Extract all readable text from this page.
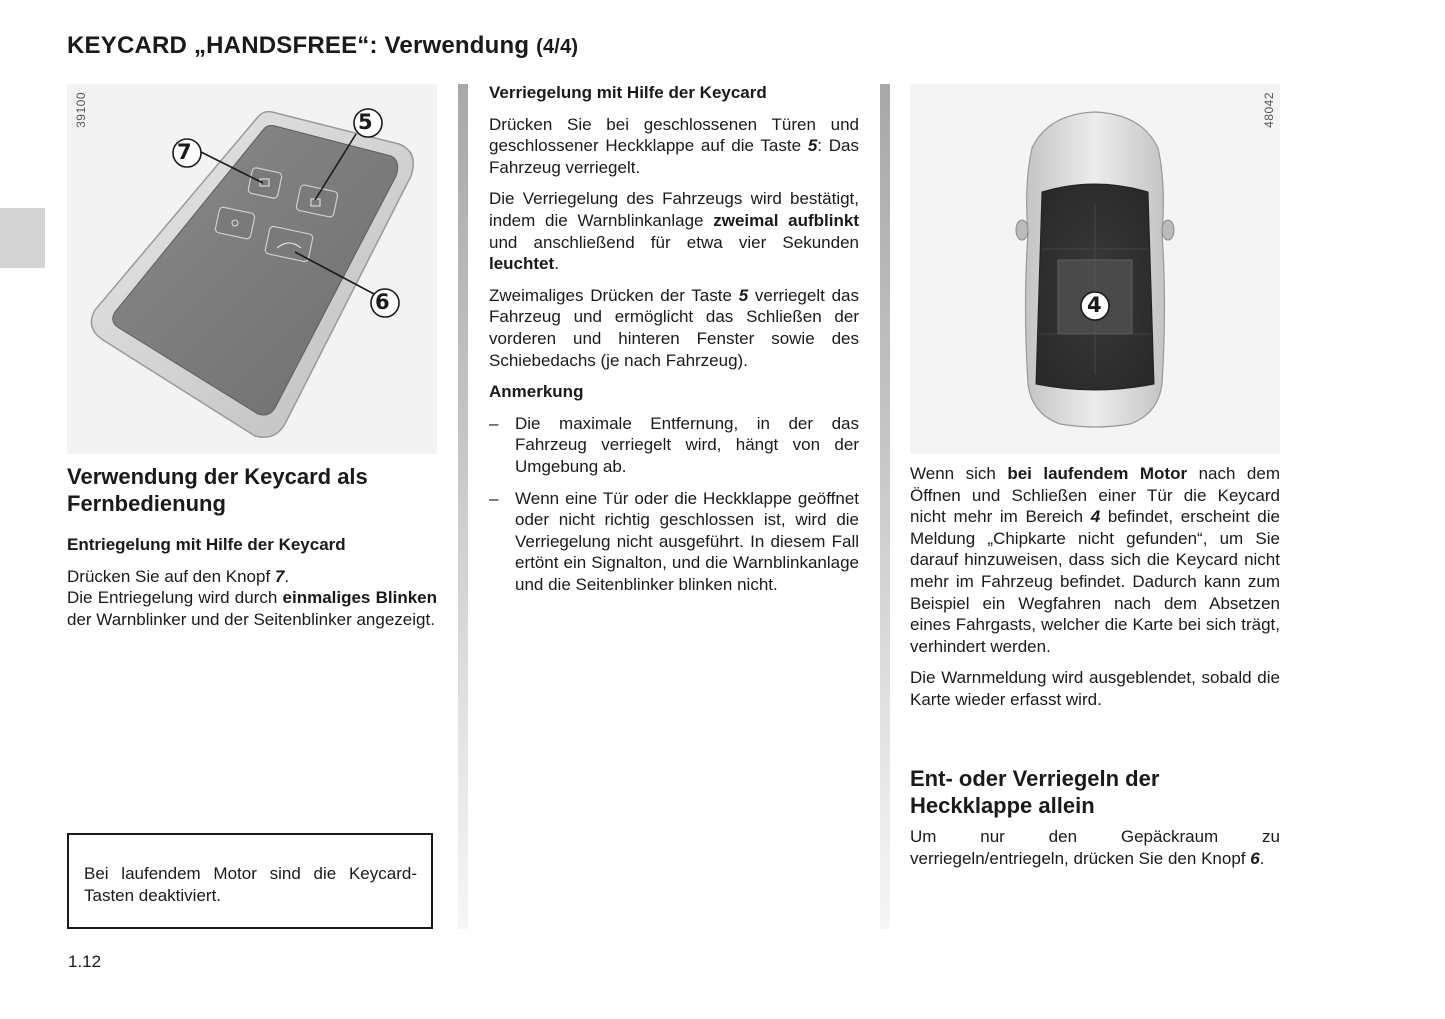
KEYCARD „HANDSFREE“: Verwendung (4/4)
39100
7
5
6
Verwendung der Keycard als
Fernbedienung
Entriegelung mit Hilfe der Keycard

Drücken Sie auf den Knopf 7.

Die Entriegelung wird durch einmaliges Blinken der Warnblinker und der Seitenblinker angezeigt.

Bei laufendem Motor sind die Keycard-Tasten deaktiviert.

1.12
Verriegelung mit Hilfe der Keycard

Drücken Sie bei geschlossenen Türen und geschlossener Heckklappe auf die Taste 5: Das Fahrzeug verriegelt.

Die Verriegelung des Fahrzeugs wird bestätigt, indem die Warnblinkanlage zweimal aufblinkt und anschließend für etwa vier Sekunden leuchtet.

Zweimaliges Drücken der Taste 5 verriegelt das Fahrzeug und ermöglicht das Schließen der vorderen und hinteren Fenster sowie des Schiebedachs (je nach Fahrzeug).

Anmerkung
– Die maximale Entfernung, in der das Fahrzeug verriegelt wird, hängt von der Umgebung ab.
– Wenn eine Tür oder die Heckklappe geöffnet oder nicht richtig geschlossen ist, wird die Verriegelung nicht ausgeführt. In diesem Fall ertönt ein Signalton, und die Warnblinkanlage und die Seitenblinker blinken nicht.
48042
4

Wenn sich bei laufendem Motor nach dem Öffnen und Schließen einer Tür die Keycard nicht mehr im Bereich 4 befindet, erscheint die Meldung „Chipkarte nicht gefunden“, um Sie darauf hinzuweisen, dass sich die Keycard nicht mehr im Fahrzeug befindet. Dadurch kann zum Beispiel ein Wegfahren nach dem Absetzen eines Fahrgasts, welcher die Karte bei sich trägt, verhindert werden.

Die Warnmeldung wird ausgeblendet, sobald die Karte wieder erfasst wird.

Ent- oder Verriegeln der
Heckklappe allein

Um nur den Gepäckraum zu verriegeln/entriegeln, drücken Sie den Knopf 6.
